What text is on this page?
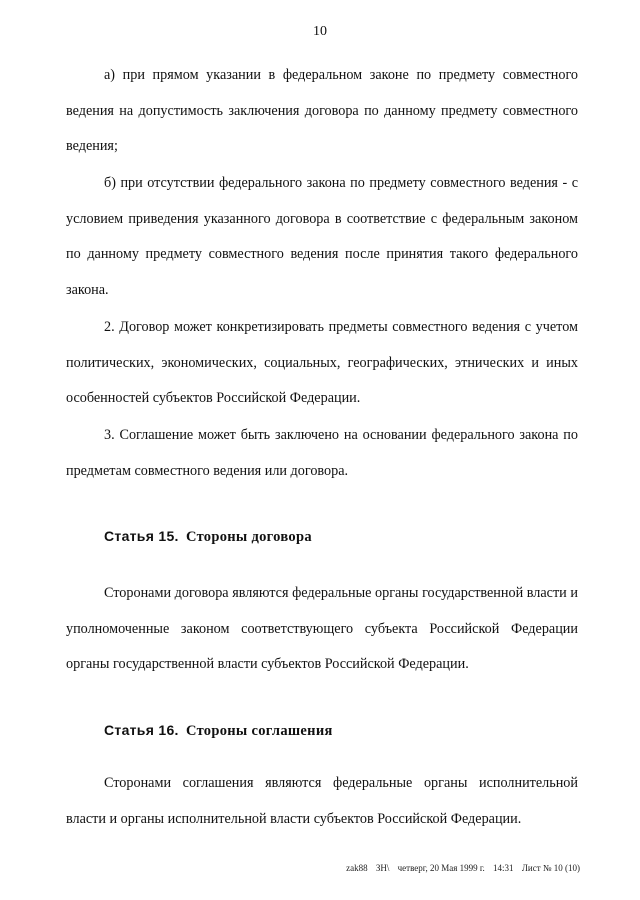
10

а) при прямом указании в федеральном законе по предмету совместного ведения на допустимость заключения договора по данному предмету совместного ведения;

б) при отсутствии федерального закона по предмету совместного ведения - с условием приведения указанного договора в соответствие с федеральным законом по данному предмету совместного ведения после принятия такого федерального закона.

2. Договор может конкретизировать предметы совместного ведения с учетом политических, экономических, социальных, географических, этнических и иных особенностей субъектов Российской Федерации.

3. Соглашение может быть заключено на основании федерального закона по предметам совместного ведения или договора.

Статья 15. Стороны договора

Сторонами договора являются федеральные органы государственной власти и уполномоченные законом соответствующего субъекта Российской Федерации органы государственной власти субъектов Российской Федерации.

Статья 16. Стороны соглашения

Сторонами соглашения являются федеральные органы исполнительной власти и органы исполнительной власти субъектов Российской Федерации.

zak88 ЗН\ четверг, 20 Мая 1999 г. 14:31 Лист № 10 (10)
